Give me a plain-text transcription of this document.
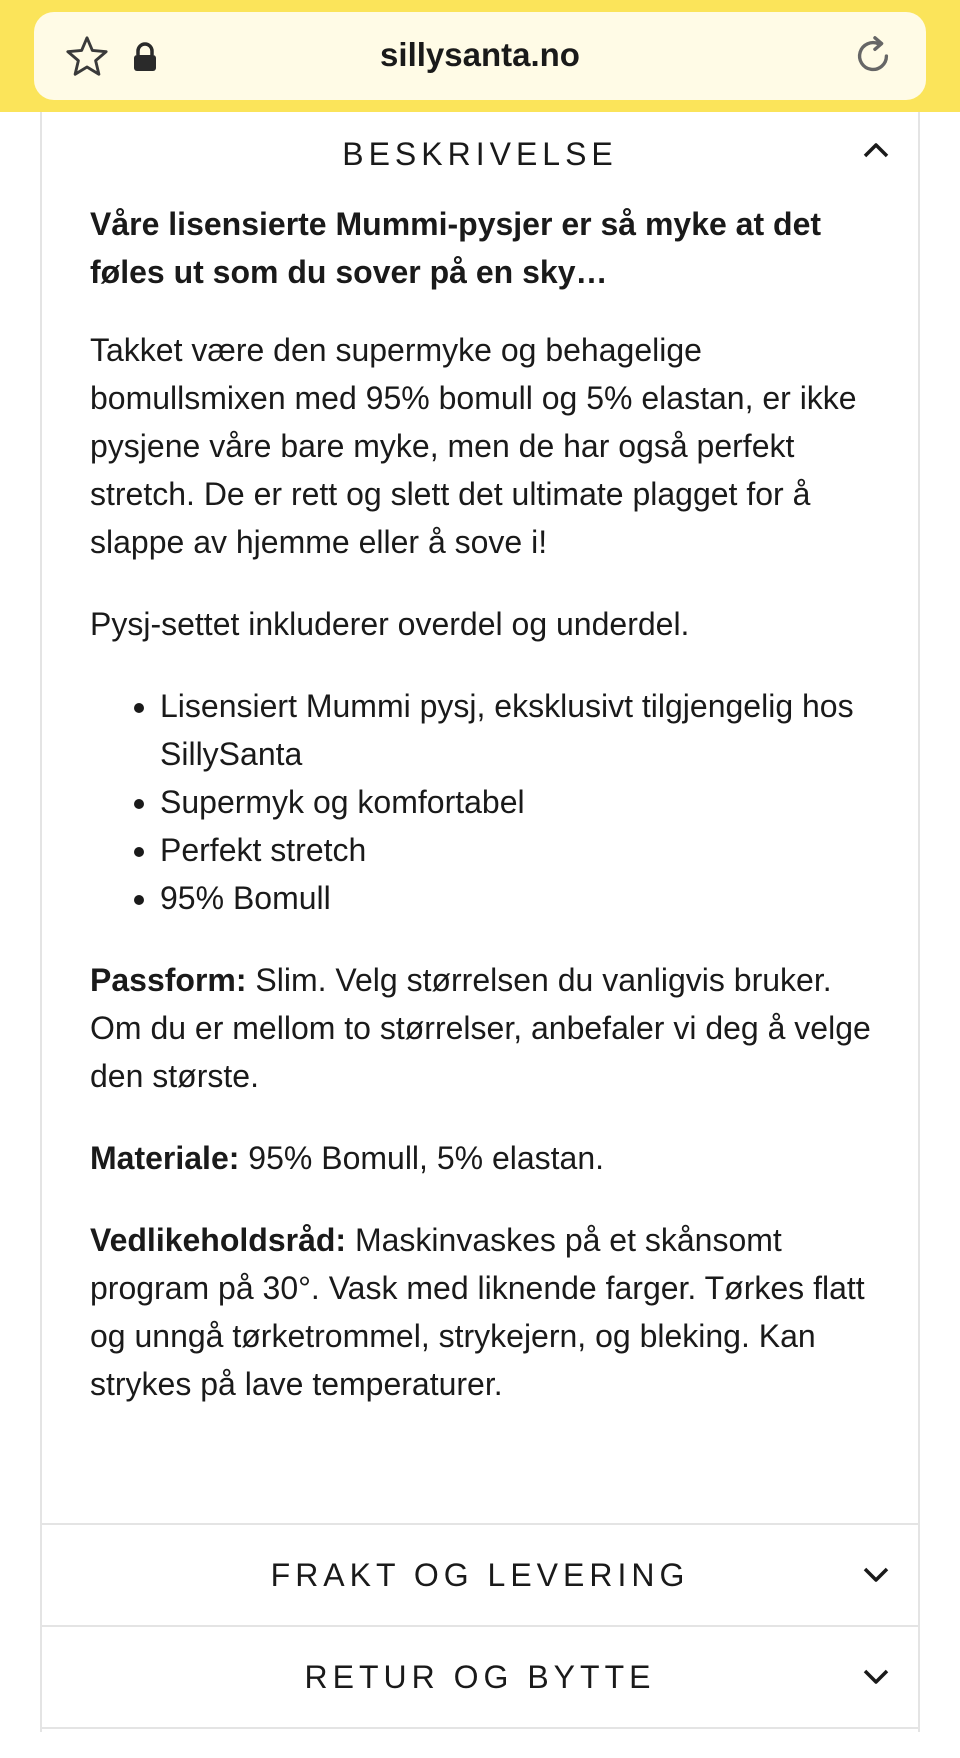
sillysanta.no
BESKRIVELSE
Våre lisensierte Mummi-pysjer er så myke at det føles ut som du sover på en sky…

Takket være den supermyke og behagelige bomullsmixen med 95% bomull og 5% elastan, er ikke pysjene våre bare myke, men de har også perfekt stretch. De er rett og slett det ultimate plagget for å slappe av hjemme eller å sove i!

Pysj-settet inkluderer overdel og underdel.

• Lisensiert Mummi pysj, eksklusivt tilgjengelig hos SillySanta
• Supermyk og komfortabel
• Perfekt stretch
• 95% Bomull

Passform: Slim. Velg størrelsen du vanligvis bruker. Om du er mellom to størrelser, anbefaler vi deg å velge den største.

Materiale: 95% Bomull, 5% elastan.

Vedlikeholdsråd: Maskinvaskes på et skånsomt program på 30°. Vask med liknende farger. Tørkes flatt og unngå tørketrommel, strykejern, og bleking. Kan strykes på lave temperaturer.

FRAKT OG LEVERING
RETUR OG BYTTE
